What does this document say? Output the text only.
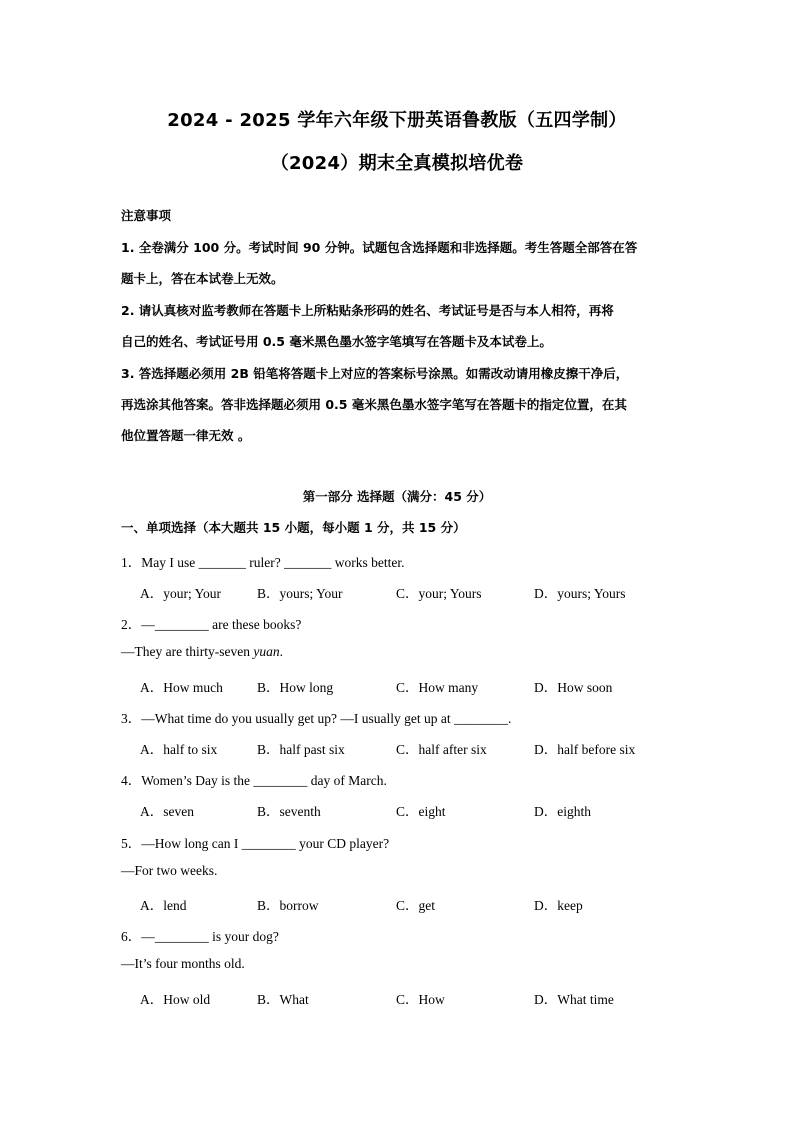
2024 - 2025 学年六年级下册英语鲁教版（五四学制）
（2024）期末全真模拟培优卷
注意事项
1. 全卷满分 100 分。考试时间 90 分钟。试题包含选择题和非选择题。考生答题全部答在答
题卡上，答在本试卷上无效。
2. 请认真核对监考教师在答题卡上所粘贴条形码的姓名、考试证号是否与本人相符，再将
自己的姓名、考试证号用 0.5 毫米黑色墨水签字笔填写在答题卡及本试卷上。
3. 答选择题必须用 2B 铅笔将答题卡上对应的答案标号涂黑。如需改动请用橡皮擦干净后，
再选涂其他答案。答非选择题必须用 0.5 毫米黑色墨水签字笔写在答题卡的指定位置，在其
他位置答题一律无效 。
第一部分 选择题（满分：45 分）
一、单项选择（本大题共 15 小题，每小题 1 分，共 15 分）
1．May I use _______ ruler? _______ works better.
A．your; Your	B．yours; Your	C．your; Yours	D．yours; Yours
2．—________ are these books?
—They are thirty-seven yuan.
A．How much	B．How long	C．How many	D．How soon
3．—What time do you usually get up? —I usually get up at ________.
A．half to six	B．half past six	C．half after six	D．half before six
4．Women’s Day is the ________ day of March.
A．seven	B．seventh	C．eight	D．eighth
5．—How long can I ________ your CD player?
—For two weeks.
A．lend	B．borrow	C．get	D．keep
6．—________ is your dog?
—It’s four months old.
A．How old	B．What	C．How	D．What time
